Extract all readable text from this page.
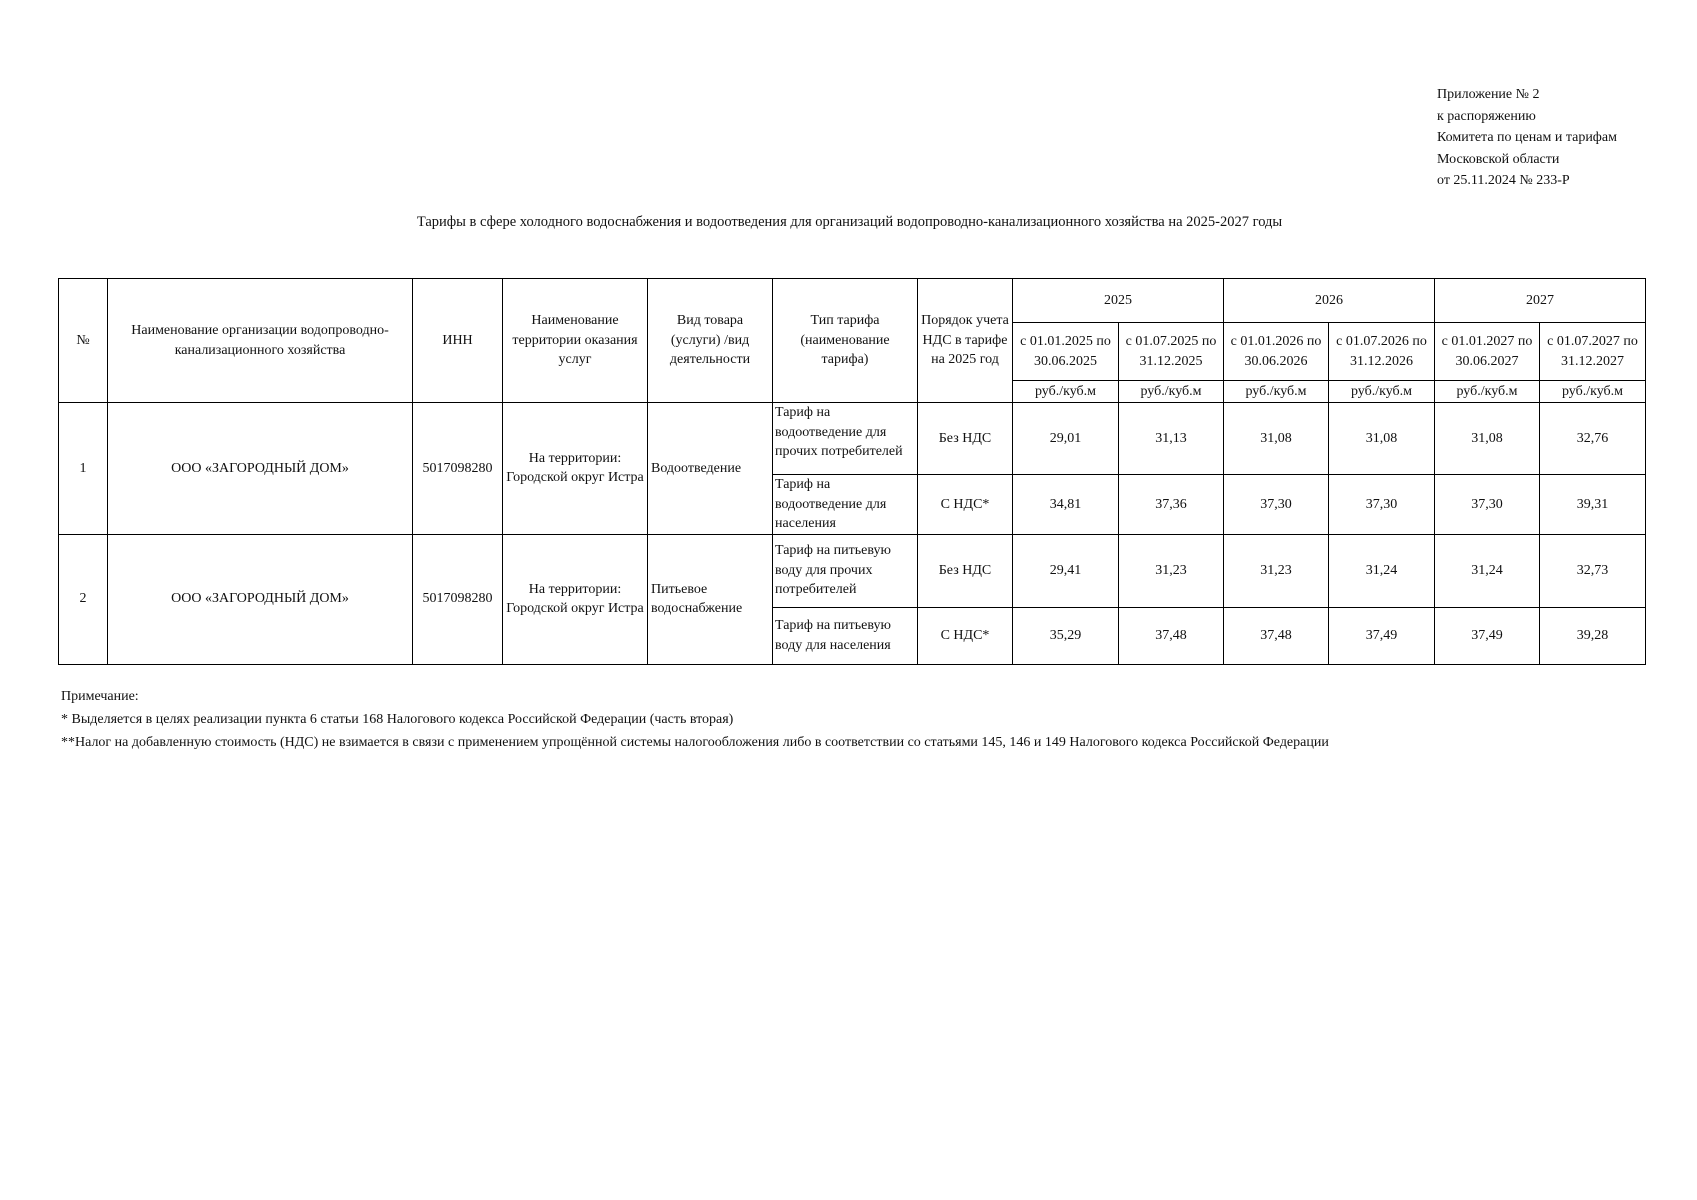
Приложение № 2
к распоряжению
Комитета по ценам и тарифам
Московской области
от 25.11.2024 № 233-Р
Тарифы в сфере холодного водоснабжения и водоотведения для организаций водопроводно-канализационного хозяйства на 2025-2027 годы
№	Наименование организации водопроводно-канализационного хозяйства	ИНН	Наименование территории оказания услуг	Вид товара (услуги) /вид деятельности	Тип тарифа (наименование тарифа)	Порядок учета НДС в тарифе на 2025 год	2025		2026		2027	
							с 01.01.2025 по 30.06.2025	с 01.07.2025 по 31.12.2025	с 01.01.2026 по 30.06.2026	с 01.07.2026 по 31.12.2026	с 01.01.2027 по 30.06.2027	с 01.07.2027 по 31.12.2027
							руб./куб.м	руб./куб.м	руб./куб.м	руб./куб.м	руб./куб.м	руб./куб.м
1	ООО «ЗАГОРОДНЫЙ ДОМ»	5017098280	На территории: Городской округ Истра	Водоотведение	Тариф на водоотведение для прочих потребителей	Без НДС	29,01	31,13	31,08	31,08	31,08	32,76
					Тариф на водоотведение для населения	С НДС*	34,81	37,36	37,30	37,30	37,30	39,31
2	ООО «ЗАГОРОДНЫЙ ДОМ»	5017098280	На территории: Городской округ Истра	Питьевое водоснабжение	Тариф на питьевую воду для прочих потребителей	Без НДС	29,41	31,23	31,23	31,24	31,24	32,73
					Тариф на питьевую воду для населения	С НДС*	35,29	37,48	37,48	37,49	37,49	39,28
Примечание:
* Выделяется в целях реализации пункта 6 статьи 168 Налогового кодекса Российской Федерации (часть вторая)
**Налог на добавленную стоимость (НДС) не взимается в связи с применением упрощённой системы налогообложения либо в соответствии со статьями 145, 146 и 149 Налогового кодекса Российской Федерации
